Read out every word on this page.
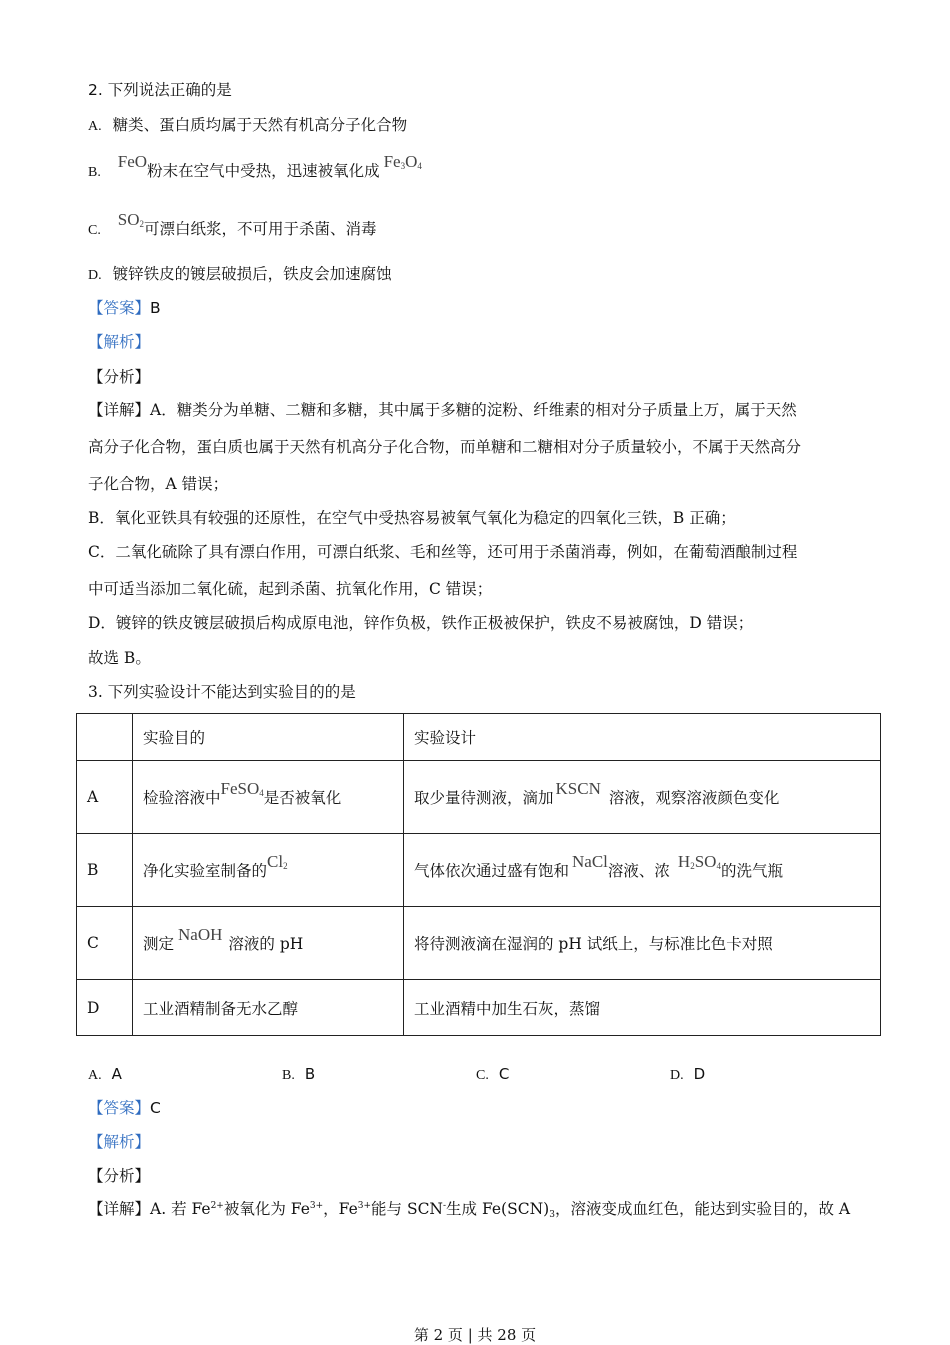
2. 下列说法正确的是
A. 糖类、蛋白质均属于天然有机高分子化合物
B. FeO粉末在空气中受热，迅速被氧化成 $Fe_3O_4$
C. $SO_2$可漂白纸浆，不可用于杀菌、消毒
D. 镀锌铁皮的镀层破损后，铁皮会加速腐蚀
【答案】B
【解析】
【分析】
【详解】A．糖类分为单糖、二糖和多糖，其中属于多糖的淀粉、纤维素的相对分子质量上万，属于天然
高分子化合物，蛋白质也属于天然有机高分子化合物，而单糖和二糖相对分子质量较小，不属于天然高分
子化合物，A 错误；
B．氧化亚铁具有较强的还原性，在空气中受热容易被氧气氧化为稳定的四氧化三铁，B 正确；
C．二氧化硫除了具有漂白作用，可漂白纸浆、毛和丝等，还可用于杀菌消毒，例如，在葡萄酒酿制过程
中可适当添加二氧化硫，起到杀菌、抗氧化作用，C 错误；
D．镀锌的铁皮镀层破损后构成原电池，锌作负极，铁作正极被保护，铁皮不易被腐蚀，D 错误；
故选 B。
3. 下列实验设计不能达到实验目的的是
	实验目的	实验设计
A	检验溶液中FeSO$_4$是否被氧化	取少量待测液，滴加 KSCN 溶液，观察溶液颜色变化
B	净化实验室制备的$Cl_2$	气体依次通过盛有饱和 NaCl溶液、浓 $H_2SO_4$的洗气瓶
C	测定 NaOH 溶液的 pH	将待测液滴在湿润的 pH 试纸上，与标准比色卡对照
D	工业酒精制备无水乙醇	工业酒精中加生石灰，蒸馏
A. A	B. B	C. C	D. D
【答案】C
【解析】
【分析】
【详解】A. 若 $Fe^{2+}$被氧化为 $Fe^{3+}$，$Fe^{3+}$能与 SCN-生成 Fe(SCN)3，溶液变成血红色，能达到实验目的，故 A
第 2 页 | 共 28 页
